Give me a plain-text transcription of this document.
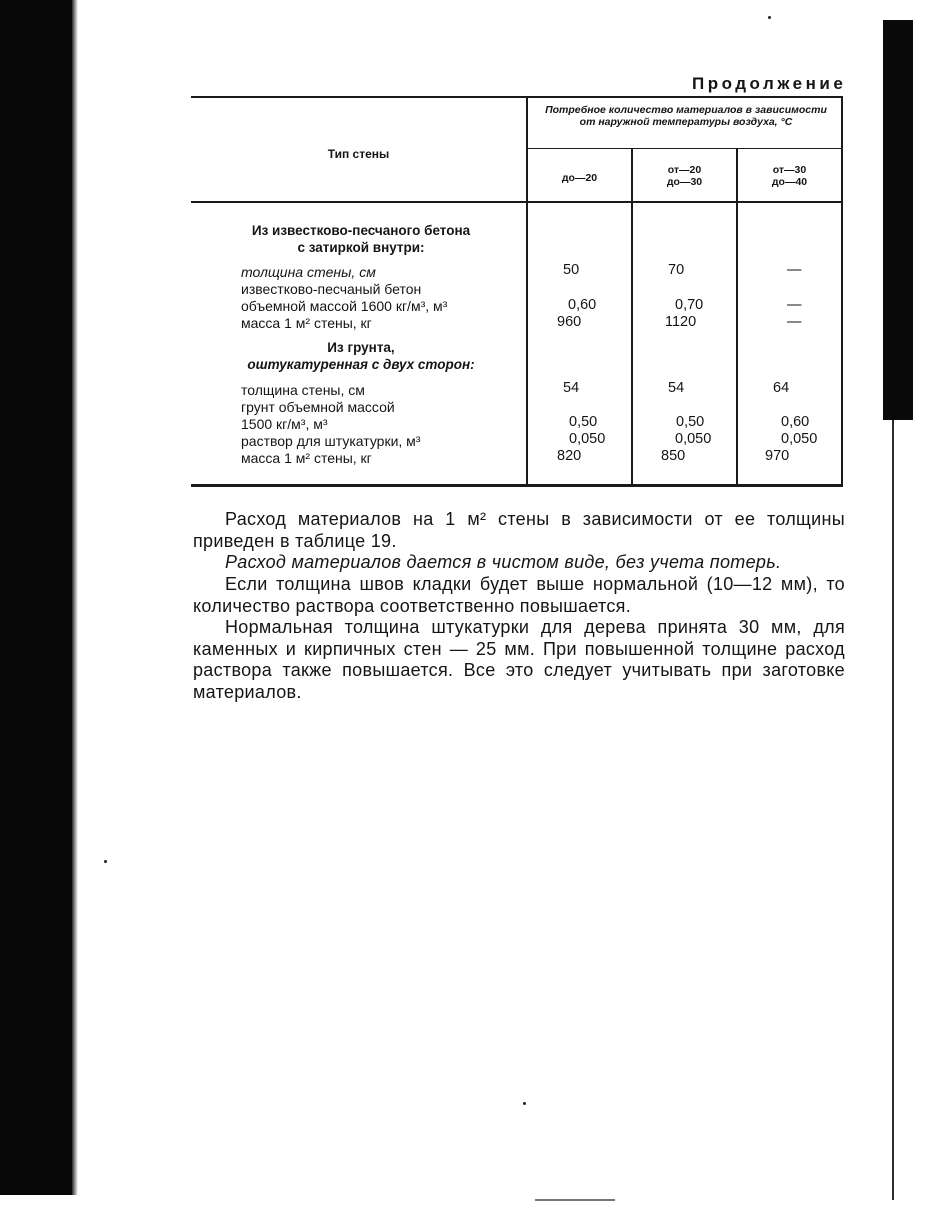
Продолжение
Тип стены
Потребное количество материалов в зависимости от наружной температуры воздуха, °С
до—20
от—20
до—30
от—30
до—40
Из известково-песчаного бетона
с затиркой внутри:
толщина стены, см	50	70	—
известково-песчаный бетон
объемной массой 1600 кг/м³, м³	0,60	0,70	—
масса 1 м² стены, кг	960	1120	—
Из грунта,
оштукатуренная с двух сторон:
толщина стены, см	54	54	64
грунт объемной массой
1500 кг/м³, м³	0,50	0,50	0,60
раствор для штукатурки, м³	0,050	0,050	0,050
масса 1 м² стены, кг	820	850	970
Расход материалов на 1 м² стены в зависимости от ее толщины приведен в таблице 19.
Расход материалов дается в чистом виде, без учета потерь.
Если толщина швов кладки будет выше нормальной (10—12 мм), то количество раствора соответственно повышается.
Нормальная толщина штукатурки для дерева принята 30 мм, для каменных и кирпичных стен — 25 мм. При повышенной толщине расход раствора также повышается. Все это следует учитывать при заготовке материалов.
